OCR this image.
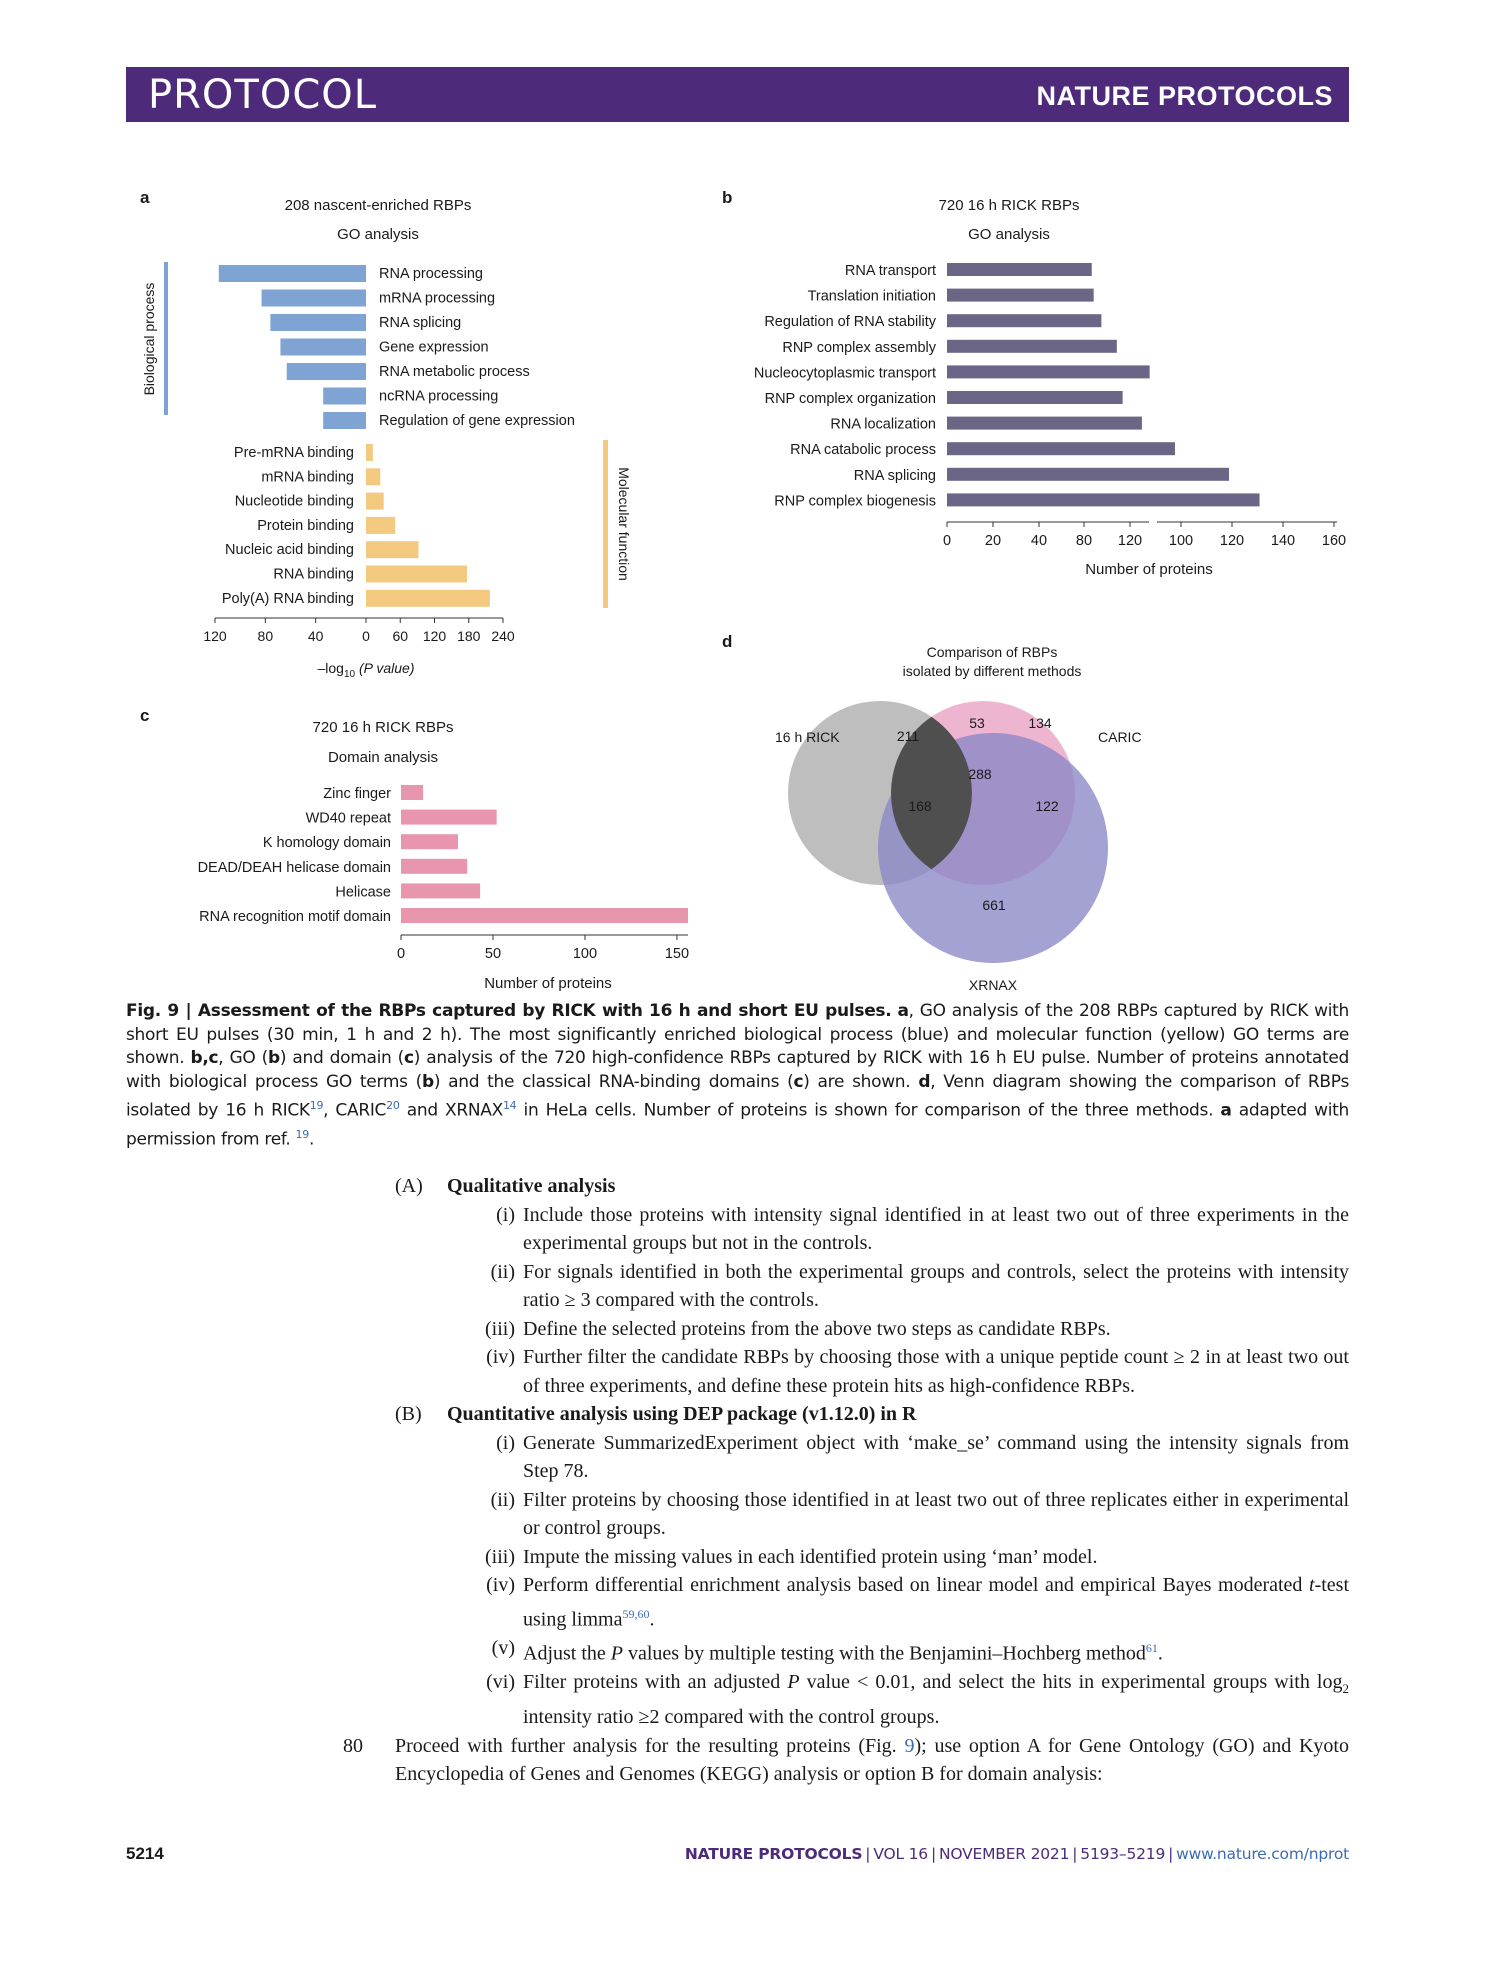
PROTOCOL	NATURE PROTOCOLS
a	b
c
d
208 nascent-enriched RBPs
GO analysis
Biological process
Molecular function
RNA processing
mRNA processing
RNA splicing
Gene expression
RNA metabolic process
ncRNA processing
Regulation of gene expression
Pre-mRNA binding
mRNA binding
Nucleotide binding
Protein binding
Nucleic acid binding
RNA binding
Poly(A) RNA binding
120 80 40	0 60 120 180 240
$-\log_{10}$ (P value)
720 16 h RICK RBPs
GO analysis
RNA transport
Translation initiation
Regulation of RNA stability
RNP complex assembly
Nucleocytoplasmic transport
RNP complex organization
RNA localization
RNA catabolic process
RNA splicing
RNP complex biogenesis
0 20 40 80 120 100 120 140 160
Number of proteins
720 16 h RICK RBPs
Domain analysis
Zinc finger
WD40 repeat
K homology domain
DEAD/DEAH helicase domain
Helicase
RNA recognition motif domain
0	50	100	150
Number of proteins
Comparison of RBPs
isolated by different methods
16 h RICK	CARIC
XRNAX
211
53	134
288
168	122
661
Fig. 9 | Assessment of the RBPs captured by RICK with 16 h and short EU pulses. a, GO analysis of the 208 RBPs captured by RICK with short EU pulses (30 min, 1 h and 2 h). The most significantly enriched biological process (blue) and molecular function (yellow) GO terms are shown. b,c, GO (b) and domain (c) analysis of the 720 high-confidence RBPs captured by RICK with 16 h EU pulse. Number of proteins annotated with biological process GO terms (b) and the classical RNA-binding domains (c) are shown. d, Venn diagram showing the comparison of RBPs isolated by 16 h RICK$^{19}$, CARIC$^{20}$ and XRNAX$^{14}$ in HeLa cells. Number of proteins is shown for comparison of the three methods. a adapted with permission from ref. $^{19}$.
(A) Qualitative analysis
(i) Include those proteins with intensity signal identified in at least two out of three experiments in the experimental groups but not in the controls.
(ii) For signals identified in both the experimental groups and controls, select the proteins with intensity ratio ≥ 3 compared with the controls.
(iii) Define the selected proteins from the above two steps as candidate RBPs.
(iv) Further filter the candidate RBPs by choosing those with a unique peptide count ≥ 2 in at least two out of three experiments, and define these protein hits as high-confidence RBPs.
(B) Quantitative analysis using DEP package (v1.12.0) in R
(i) Generate SummarizedExperiment object with ‘make_se’ command using the intensity signals from Step 78.
(ii) Filter proteins by choosing those identified in at least two out of three replicates either in experimental or control groups.
(iii) Impute the missing values in each identified protein using ‘man’ model.
(iv) Perform differential enrichment analysis based on linear model and empirical Bayes moderated t-test using limma$^{59,60}$.
(v) Adjust the P values by multiple testing with the Benjamini–Hochberg method$^{61}$.
(vi) Filter proteins with an adjusted P value < 0.01, and select the hits in experimental groups with $\log_2$ intensity ratio ≥2 compared with the control groups.
80 Proceed with further analysis for the resulting proteins (Fig. 9); use option A for Gene Ontology (GO) and Kyoto Encyclopedia of Genes and Genomes (KEGG) analysis or option B for domain analysis:
5214	NATURE PROTOCOLS | VOL 16 | NOVEMBER 2021 | 5193–5219 | www.nature.com/nprot
